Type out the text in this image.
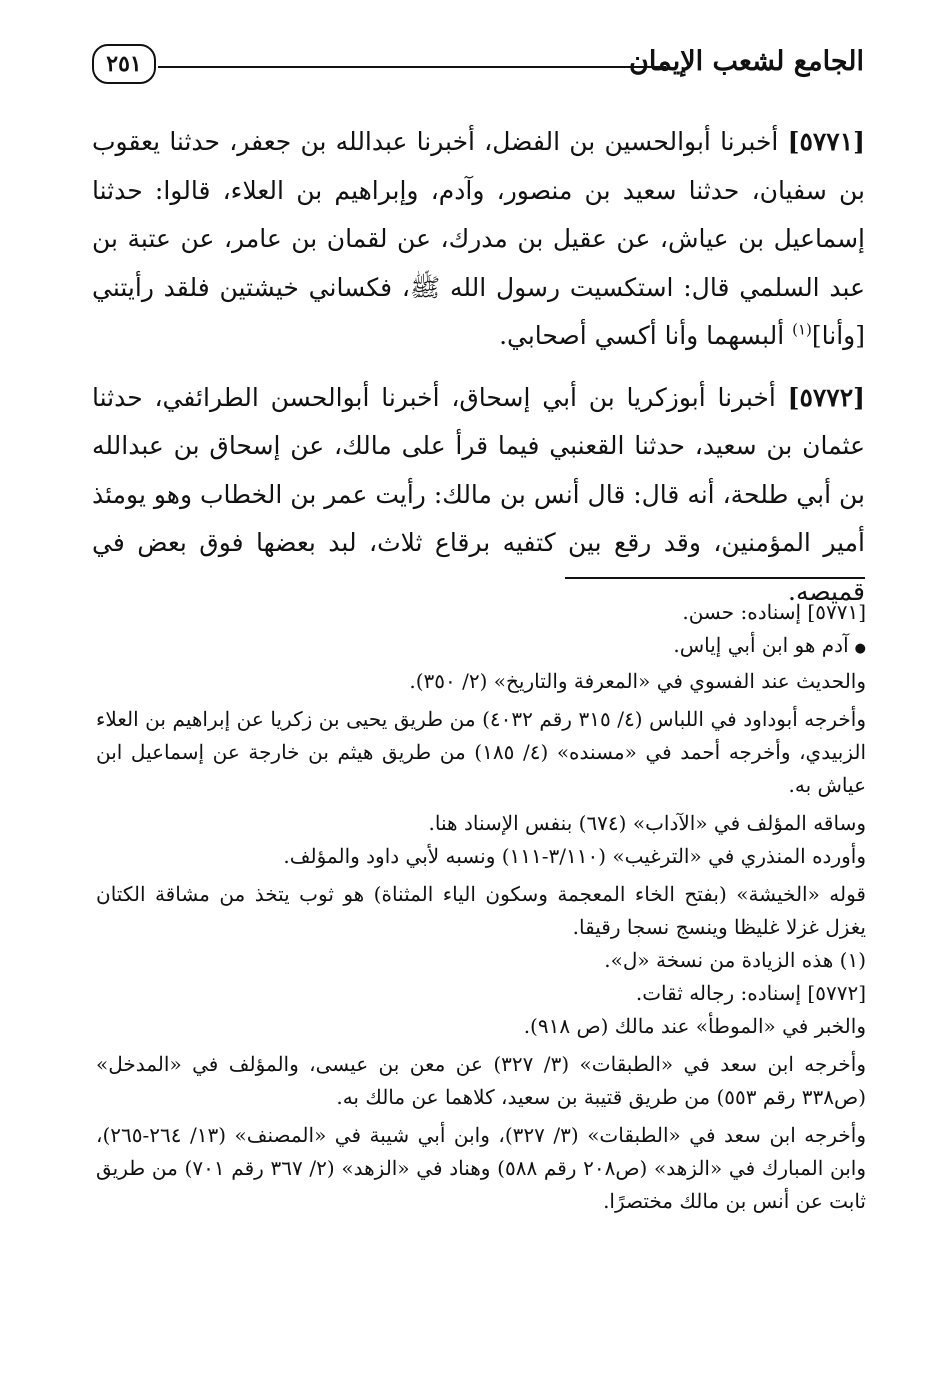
الجامع لشعب الإيمان
٢٥١

[٥٧٧١] أخبرنا أبوالحسين بن الفضل، أخبرنا عبدالله بن جعفر، حدثنا يعقوب بن سفيان، حدثنا سعيد بن منصور، وآدم، وإبراهيم بن العلاء، قالوا: حدثنا إسماعيل بن عياش، عن عقيل بن مدرك، عن لقمان بن عامر، عن عتبة بن عبد السلمي قال: استكسيت رسول الله ﷺ، فكساني خيشتين فلقد رأيتني [وأنا]$^{(١)}$ ألبسهما وأنا أكسي أصحابي.

[٥٧٧٢] أخبرنا أبوزكريا بن أبي إسحاق، أخبرنا أبوالحسن الطرائفي، حدثنا عثمان بن سعيد، حدثنا القعنبي فيما قرأ على مالك، عن إسحاق بن عبدالله بن أبي طلحة، أنه قال: قال أنس بن مالك: رأيت عمر بن الخطاب وهو يومئذ أمير المؤمنين، وقد رقع بين كتفيه برقاع ثلاث، لبد بعضها فوق بعض في قميصه.

[٥٧٧١] إسناده: حسن.

● آدم هو ابن أبي إياس.

والحديث عند الفسوي في «المعرفة والتاريخ» (٢/ ٣٥٠).

وأخرجه أبوداود في اللباس (٤/ ٣١٥ رقم ٤٠٣٢) من طريق يحيى بن زكريا عن إبراهيم بن العلاء الزبيدي، وأخرجه أحمد في «مسنده» (٤/ ١٨٥) من طريق هيثم بن خارجة عن إسماعيل ابن عياش به.

وساقه المؤلف في «الآداب» (٦٧٤) بنفس الإسناد هنا.

وأورده المنذري في «الترغيب» (٣/١١٠-١١١) ونسبه لأبي داود والمؤلف.

قوله «الخيشة» (بفتح الخاء المعجمة وسكون الياء المثناة) هو ثوب يتخذ من مشاقة الكتان يغزل غزلا غليظا وينسج نسجا رقيقا.

(١) هذه الزيادة من نسخة «ل».

[٥٧٧٢] إسناده: رجاله ثقات.

والخبر في «الموطأ» عند مالك (ص ٩١٨).

وأخرجه ابن سعد في «الطبقات» (٣/ ٣٢٧) عن معن بن عيسى، والمؤلف في «المدخل» (ص٣٣٨ رقم ٥٥٣) من طريق قتيبة بن سعيد، كلاهما عن مالك به.

وأخرجه ابن سعد في «الطبقات» (٣/ ٣٢٧)، وابن أبي شيبة في «المصنف» (١٣/ ٢٦٤-٢٦٥)، وابن المبارك في «الزهد» (ص٢٠٨ رقم ٥٨٨) وهناد في «الزهد» (٢/ ٣٦٧ رقم ٧٠١) من طريق ثابت عن أنس بن مالك مختصرًا.
